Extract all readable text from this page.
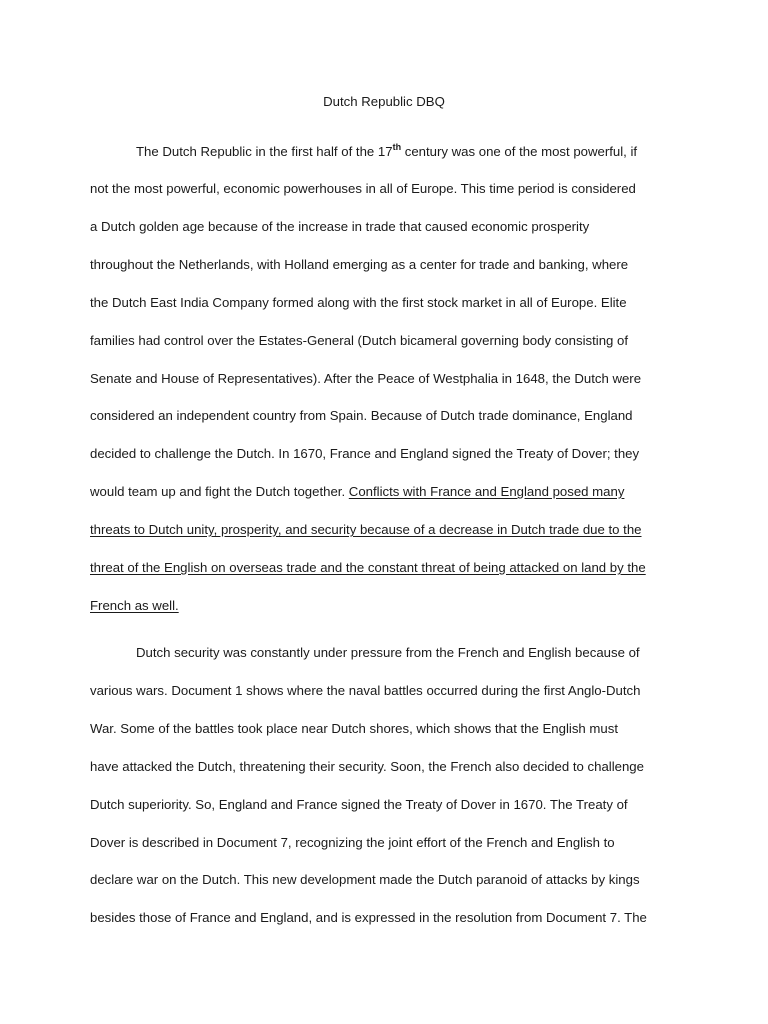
Dutch Republic DBQ
The Dutch Republic in the first half of the 17th century was one of the most powerful, if
not the most powerful, economic powerhouses in all of Europe. This time period is considered
a Dutch golden age because of the increase in trade that caused economic prosperity
throughout the Netherlands, with Holland emerging as a center for trade and banking, where
the Dutch East India Company formed along with the first stock market in all of Europe. Elite
families had control over the Estates-General (Dutch bicameral governing body consisting of
Senate and House of Representatives). After the Peace of Westphalia in 1648, the Dutch were
considered an independent country from Spain. Because of Dutch trade dominance, England
decided to challenge the Dutch. In 1670, France and England signed the Treaty of Dover; they
would team up and fight the Dutch together. Conflicts with France and England posed many
threats to Dutch unity, prosperity, and security because of a decrease in Dutch trade due to the
threat of the English on overseas trade and the constant threat of being attacked on land by the
French as well.
Dutch security was constantly under pressure from the French and English because of
various wars. Document 1 shows where the naval battles occurred during the first Anglo-Dutch
War. Some of the battles took place near Dutch shores, which shows that the English must
have attacked the Dutch, threatening their security. Soon, the French also decided to challenge
Dutch superiority. So, England and France signed the Treaty of Dover in 1670. The Treaty of
Dover is described in Document 7, recognizing the joint effort of the French and English to
declare war on the Dutch. This new development made the Dutch paranoid of attacks by kings
besides those of France and England, and is expressed in the resolution from Document 7. The
